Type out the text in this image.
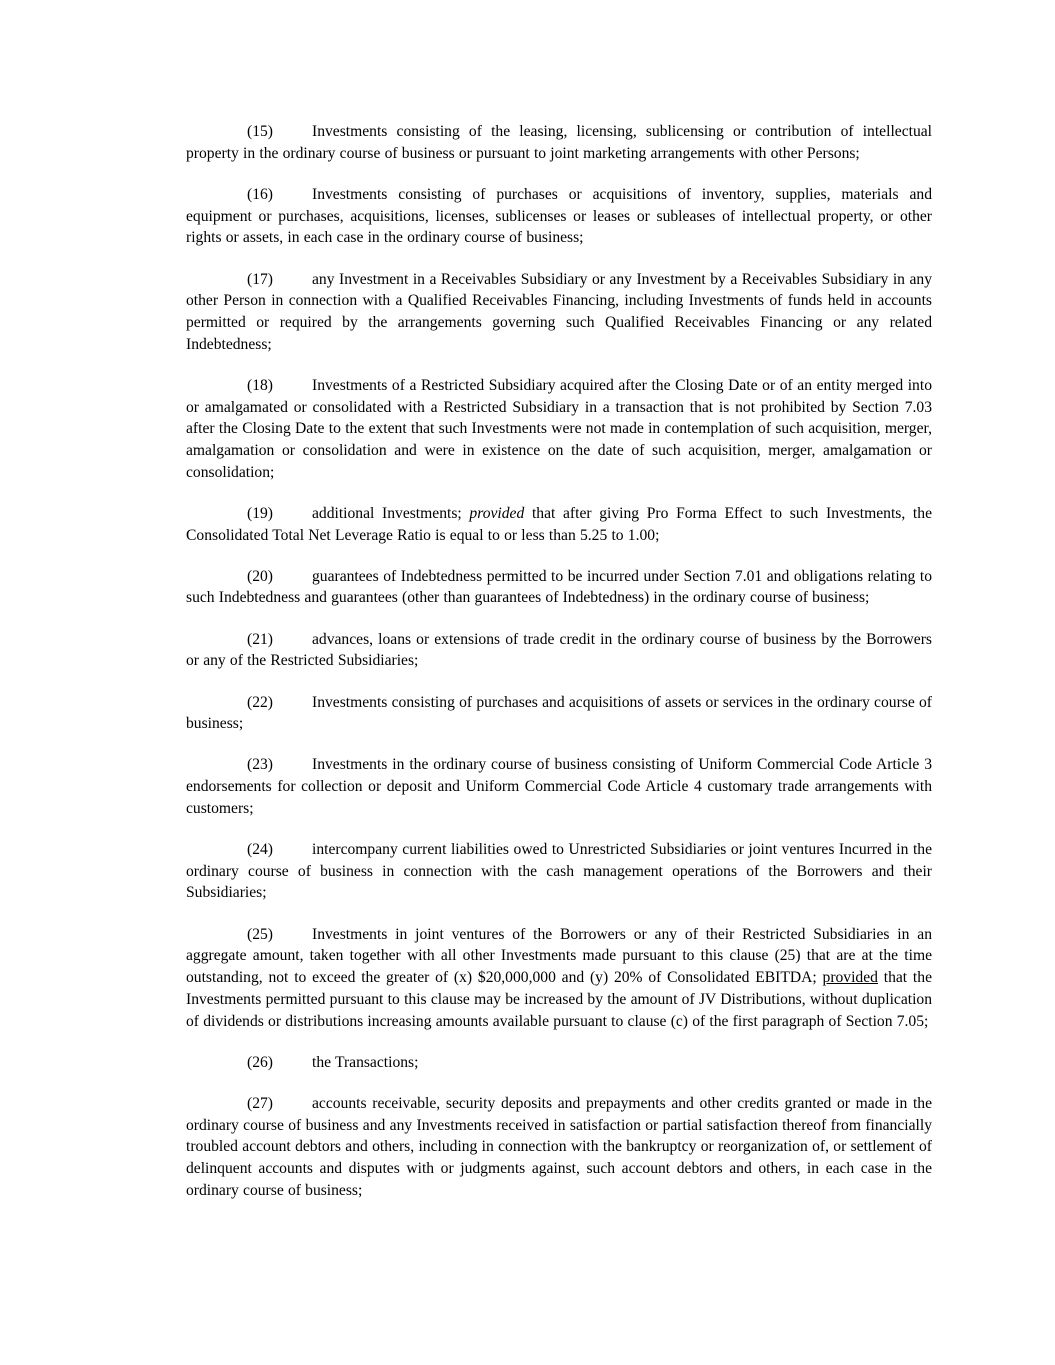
(15)	Investments consisting of the leasing, licensing, sublicensing or contribution of intellectual property in the ordinary course of business or pursuant to joint marketing arrangements with other Persons;

(16)	Investments consisting of purchases or acquisitions of inventory, supplies, materials and equipment or purchases, acquisitions, licenses, sublicenses or leases or subleases of intellectual property, or other rights or assets, in each case in the ordinary course of business;

(17)	any Investment in a Receivables Subsidiary or any Investment by a Receivables Subsidiary in any other Person in connection with a Qualified Receivables Financing, including Investments of funds held in accounts permitted or required by the arrangements governing such Qualified Receivables Financing or any related Indebtedness;

(18)	Investments of a Restricted Subsidiary acquired after the Closing Date or of an entity merged into or amalgamated or consolidated with a Restricted Subsidiary in a transaction that is not prohibited by Section 7.03 after the Closing Date to the extent that such Investments were not made in contemplation of such acquisition, merger, amalgamation or consolidation and were in existence on the date of such acquisition, merger, amalgamation or consolidation;

(19)	additional Investments; provided that after giving Pro Forma Effect to such Investments, the Consolidated Total Net Leverage Ratio is equal to or less than 5.25 to 1.00;

(20)	guarantees of Indebtedness permitted to be incurred under Section 7.01 and obligations relating to such Indebtedness and guarantees (other than guarantees of Indebtedness) in the ordinary course of business;

(21)	advances, loans or extensions of trade credit in the ordinary course of business by the Borrowers or any of the Restricted Subsidiaries;

(22)	Investments consisting of purchases and acquisitions of assets or services in the ordinary course of business;

(23)	Investments in the ordinary course of business consisting of Uniform Commercial Code Article 3 endorsements for collection or deposit and Uniform Commercial Code Article 4 customary trade arrangements with customers;

(24)	intercompany current liabilities owed to Unrestricted Subsidiaries or joint ventures Incurred in the ordinary course of business in connection with the cash management operations of the Borrowers and their Subsidiaries;

(25)	Investments in joint ventures of the Borrowers or any of their Restricted Subsidiaries in an aggregate amount, taken together with all other Investments made pursuant to this clause (25) that are at the time outstanding, not to exceed the greater of (x) $20,000,000 and (y) 20% of Consolidated EBITDA; provided that the Investments permitted pursuant to this clause may be increased by the amount of JV Distributions, without duplication of dividends or distributions increasing amounts available pursuant to clause (c) of the first paragraph of Section 7.05;

(26)	the Transactions;

(27)	accounts receivable, security deposits and prepayments and other credits granted or made in the ordinary course of business and any Investments received in satisfaction or partial satisfaction thereof from financially troubled account debtors and others, including in connection with the bankruptcy or reorganization of, or settlement of delinquent accounts and disputes with or judgments against, such account debtors and others, in each case in the ordinary course of business;
